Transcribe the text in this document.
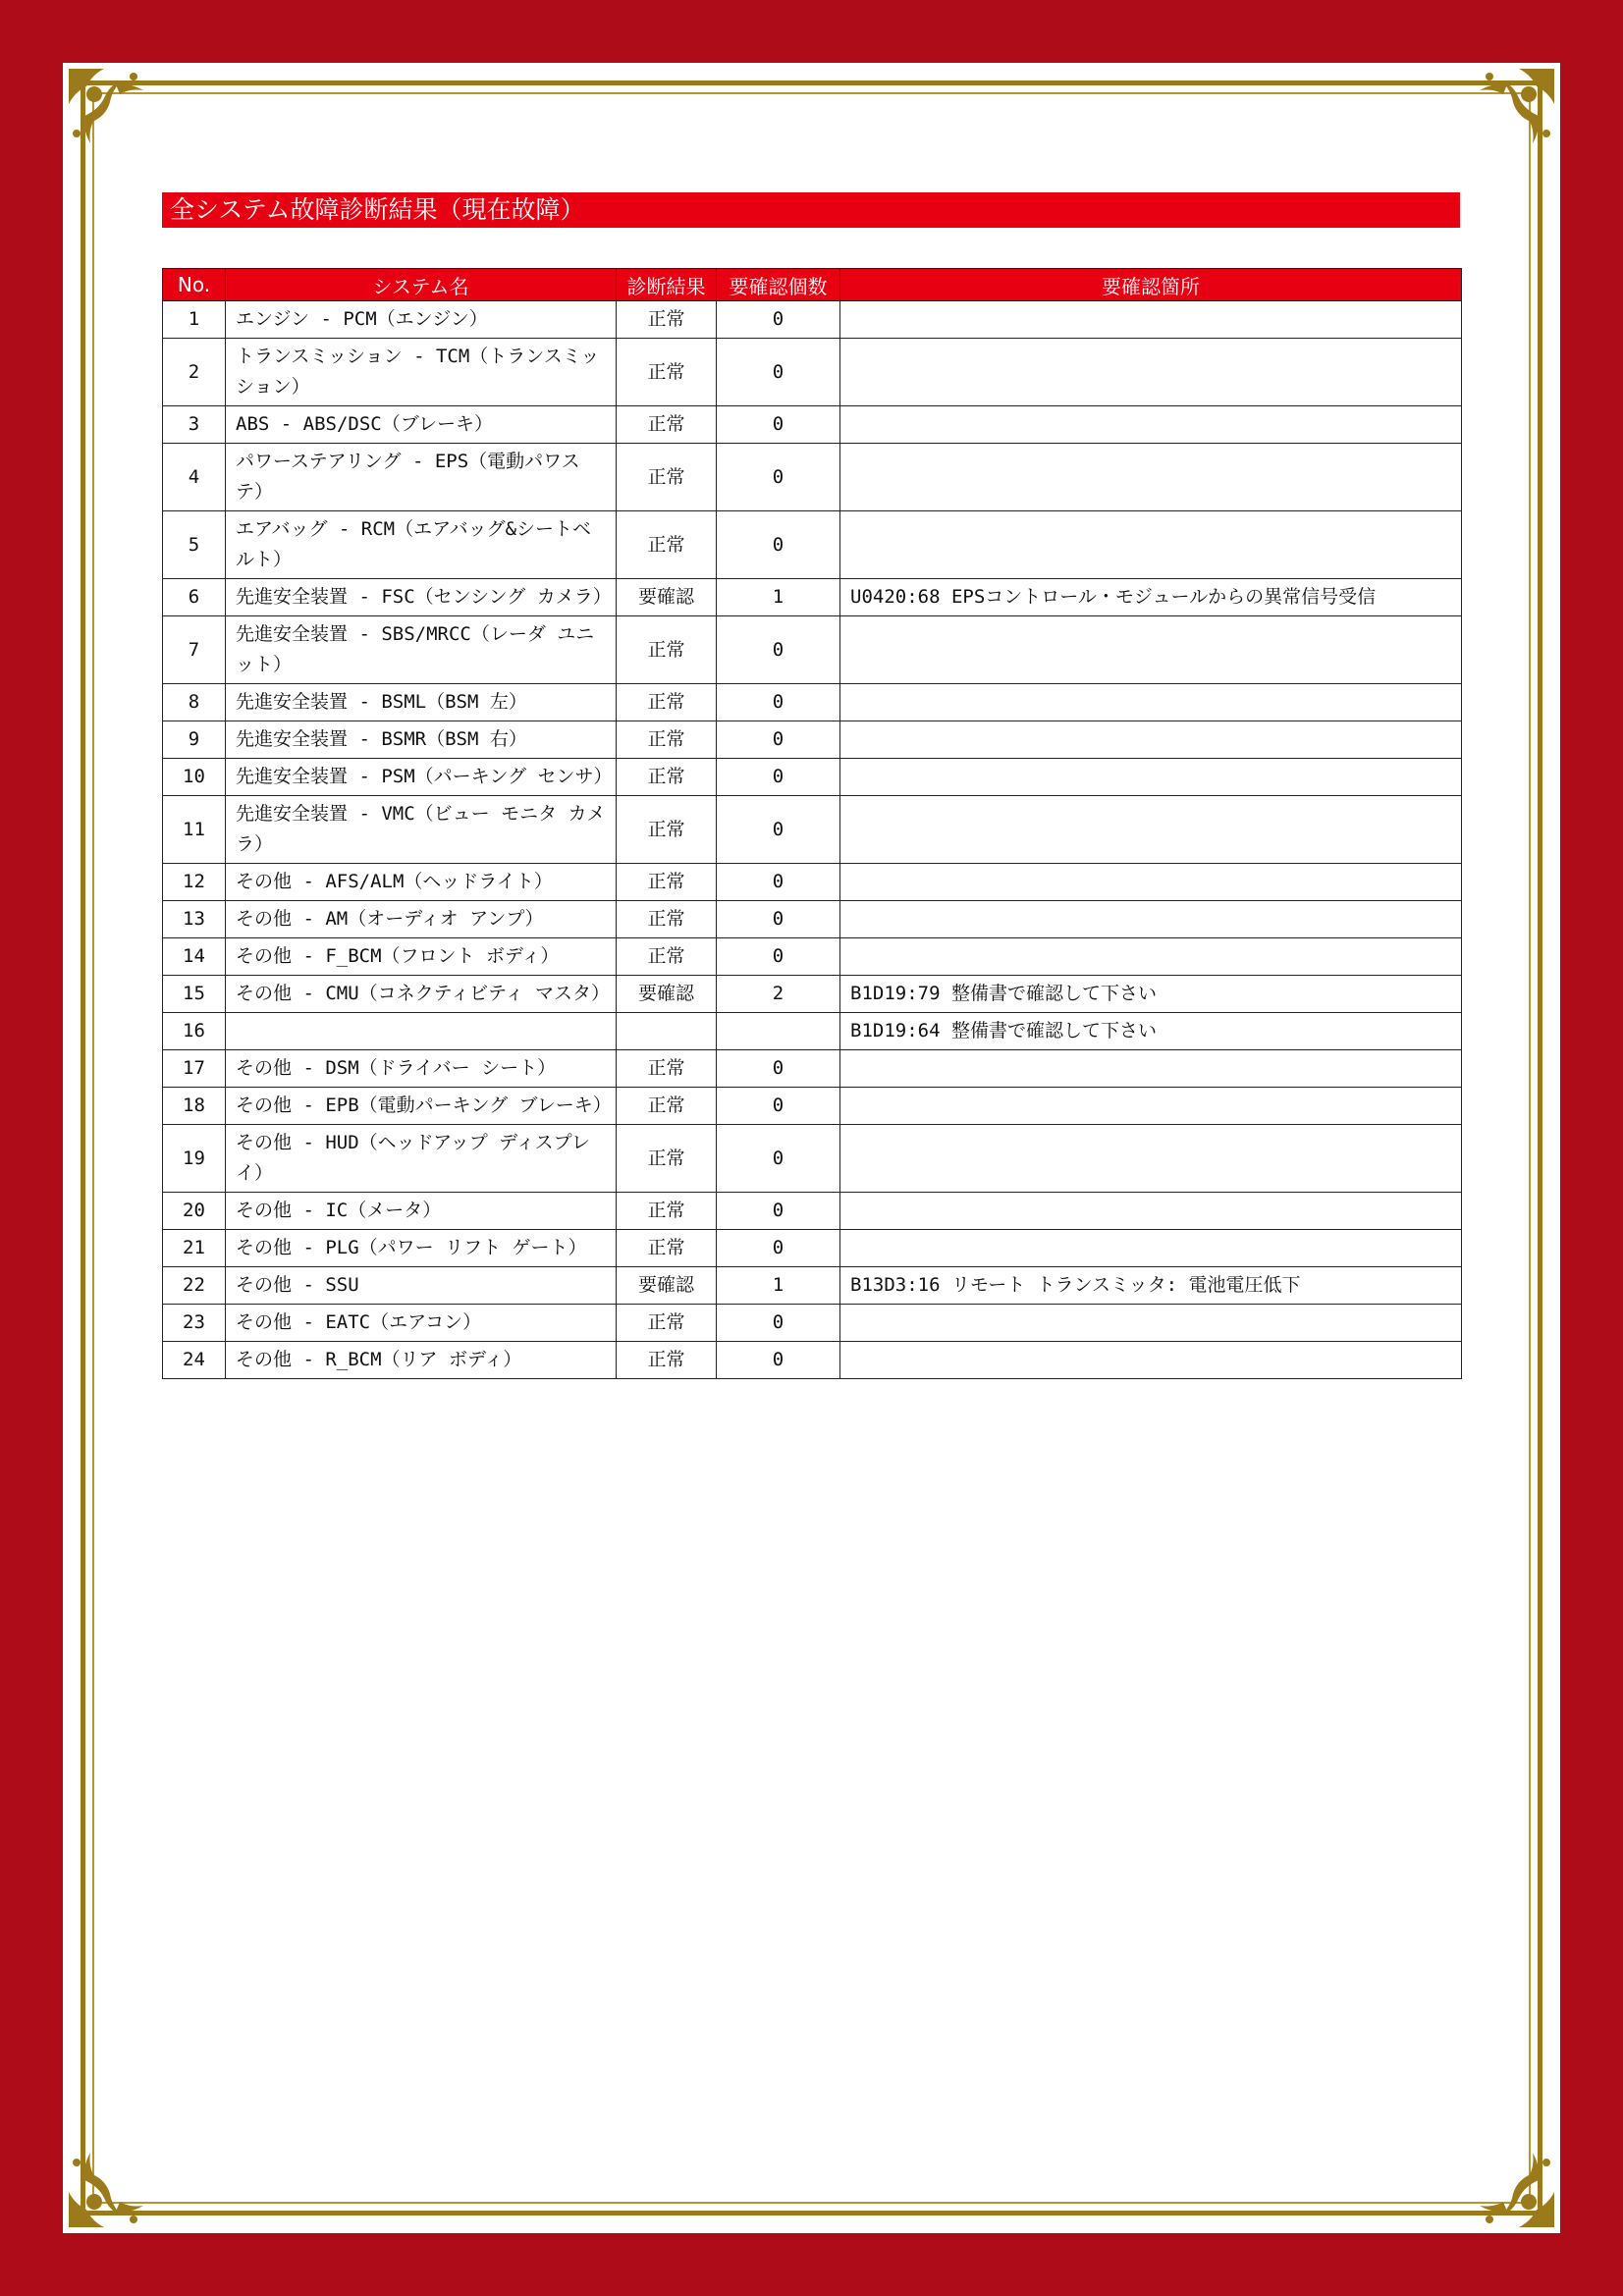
全システム故障診断結果（現在故障）
No.	システム名	診断結果	要確認個数	要確認箇所
1	エンジン - PCM（エンジン）	正常	0	
2	トランスミッション - TCM（トランスミッション）	正常	0	
3	ABS - ABS/DSC（ブレーキ）	正常	0	
4	パワーステアリング - EPS（電動パワステ）	正常	0	
5	エアバッグ - RCM（エアバッグ&シートベルト）	正常	0	
6	先進安全装置 - FSC（センシング カメラ）	要確認	1	U0420:68 EPSコントロール・モジュールからの異常信号受信
7	先進安全装置 - SBS/MRCC（レーダ ユニット）	正常	0	
8	先進安全装置 - BSML（BSM 左）	正常	0	
9	先進安全装置 - BSMR（BSM 右）	正常	0	
10	先進安全装置 - PSM（パーキング センサ）	正常	0	
11	先進安全装置 - VMC（ビュー モニタ カメラ）	正常	0	
12	その他 - AFS/ALM（ヘッドライト）	正常	0	
13	その他 - AM（オーディオ アンプ）	正常	0	
14	その他 - F_BCM（フロント ボディ）	正常	0	
15	その他 - CMU（コネクティビティ マスタ）	要確認	2	B1D19:79 整備書で確認して下さい
16				B1D19:64 整備書で確認して下さい
17	その他 - DSM（ドライバー シート）	正常	0	
18	その他 - EPB（電動パーキング ブレーキ）	正常	0	
19	その他 - HUD（ヘッドアップ ディスプレイ）	正常	0	
20	その他 - IC（メータ）	正常	0	
21	その他 - PLG（パワー リフト ゲート）	正常	0	
22	その他 - SSU	要確認	1	B13D3:16 リモート トランスミッタ: 電池電圧低下
23	その他 - EATC（エアコン）	正常	0	
24	その他 - R_BCM（リア ボディ）	正常	0	
